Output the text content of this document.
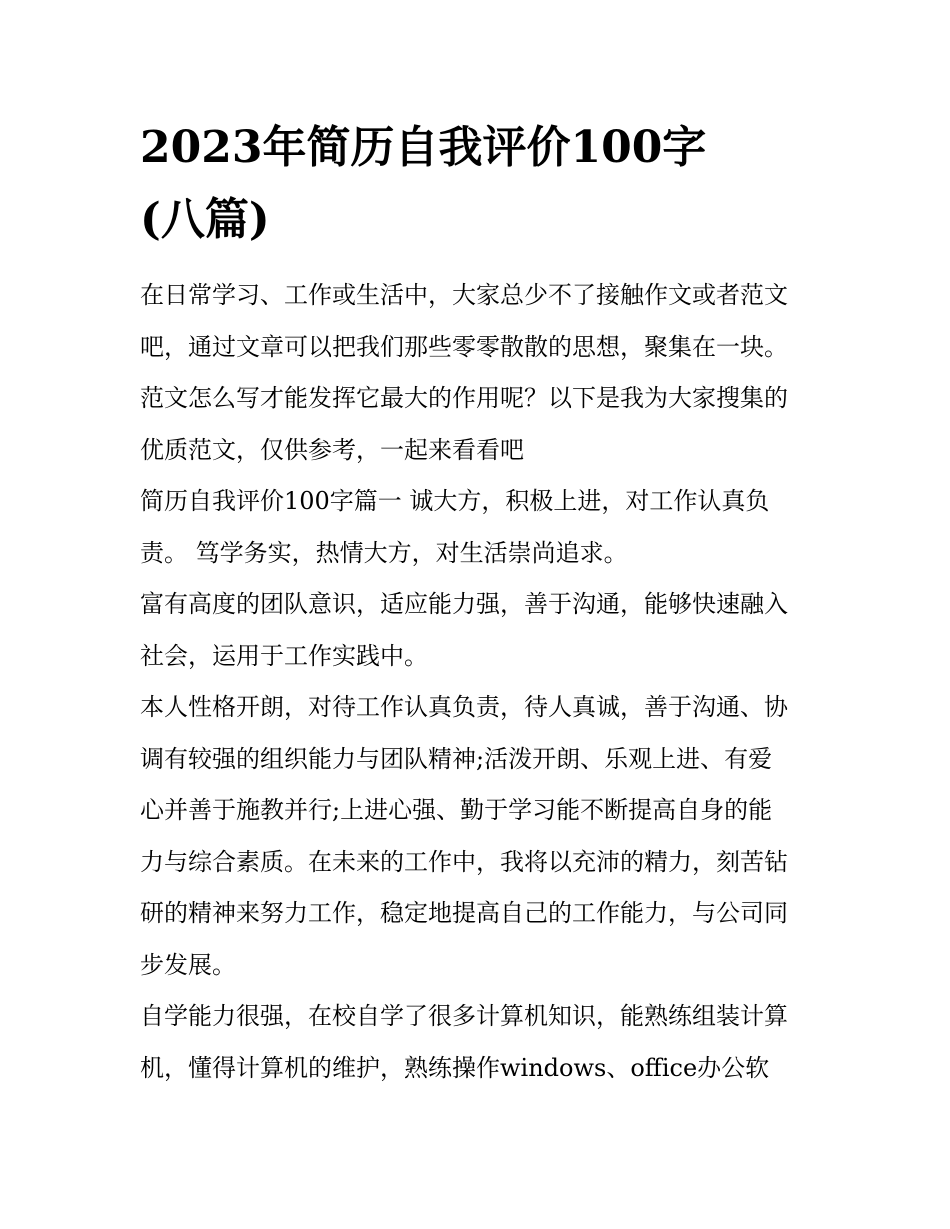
2023年简历自我评价100字
(八篇)
在日常学习、工作或生活中，大家总少不了接触作文或者范文
吧，通过文章可以把我们那些零零散散的思想，聚集在一块。
范文怎么写才能发挥它最大的作用呢？以下是我为大家搜集的
优质范文，仅供参考，一起来看看吧
简历自我评价100字篇一 诚大方，积极上进，对工作认真负
责。 笃学务实，热情大方，对生活崇尚追求。
富有高度的团队意识，适应能力强，善于沟通，能够快速融入
社会，运用于工作实践中。
本人性格开朗，对待工作认真负责，待人真诚，善于沟通、协
调有较强的组织能力与团队精神;活泼开朗、乐观上进、有爱
心并善于施教并行;上进心强、勤于学习能不断提高自身的能
力与综合素质。在未来的工作中，我将以充沛的精力，刻苦钻
研的精神来努力工作，稳定地提高自己的工作能力，与公司同
步发展。
自学能力很强，在校自学了很多计算机知识，能熟练组装计算
机，懂得计算机的维护，熟练操作windows、office办公软
